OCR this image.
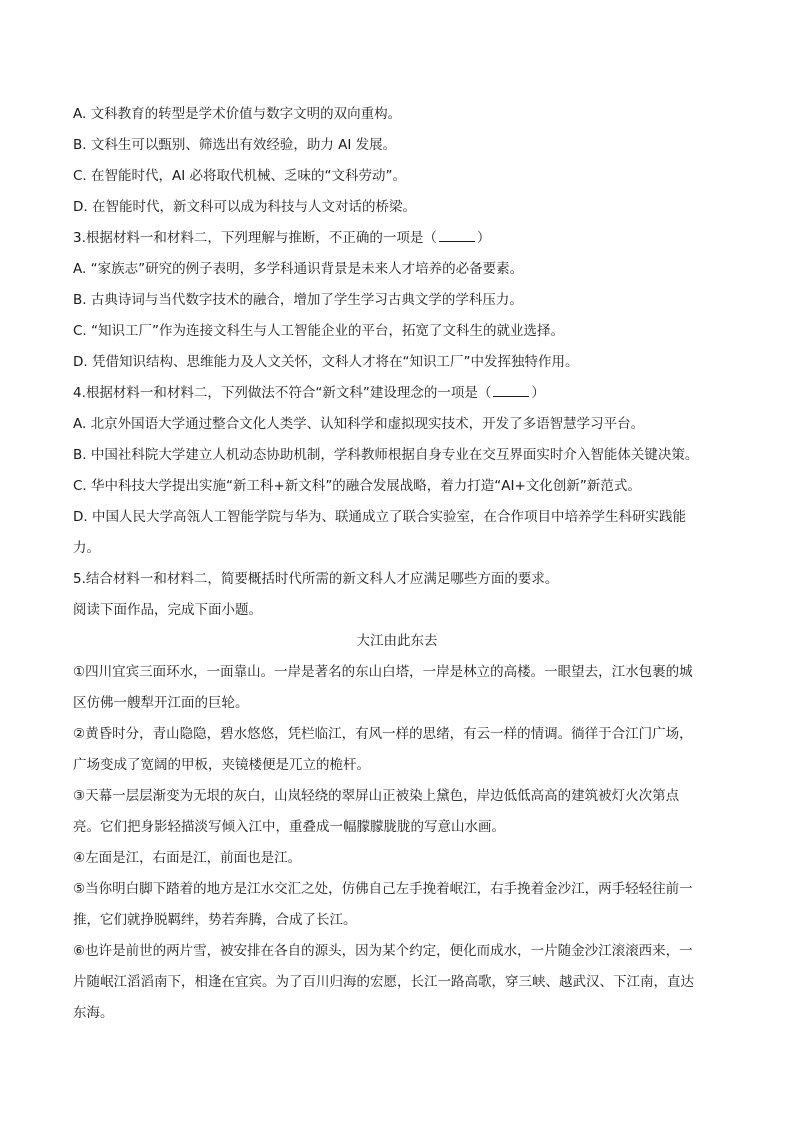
A. 文科教育的转型是学术价值与数字文明的双向重构。

B. 文科生可以甄别、筛选出有效经验，助力 AI 发展。

C. 在智能时代，AI 必将取代机械、乏味的“文科劳动”。

D. 在智能时代，新文科可以成为科技与人文对话的桥梁。

3.根据材料一和材料二，下列理解与推断，不正确的一项是（	）

A. “家族志”研究的例子表明，多学科通识背景是未来人才培养的必备要素。

B. 古典诗词与当代数字技术的融合，增加了学生学习古典文学的学科压力。

C. “知识工厂”作为连接文科生与人工智能企业的平台，拓宽了文科生的就业选择。

D. 凭借知识结构、思维能力及人文关怀，文科人才将在“知识工厂”中发挥独特作用。

4.根据材料一和材料二，下列做法不符合“新文科”建设理念的一项是（	）

A. 北京外国语大学通过整合文化人类学、认知科学和虚拟现实技术，开发了多语智慧学习平台。

B. 中国社科院大学建立人机动态协助机制，学科教师根据自身专业在交互界面实时介入智能体关键决策。

C. 华中科技大学提出实施“新工科+新文科”的融合发展战略，着力打造“AI+文化创新”新范式。

D. 中国人民大学高瓴人工智能学院与华为、联通成立了联合实验室，在合作项目中培养学生科研实践能
力。

5.结合材料一和材料二，简要概括时代所需的新文科人才应满足哪些方面的要求。

阅读下面作品，完成下面小题。

大江由此东去

①四川宜宾三面环水，一面靠山。一岸是著名的东山白塔，一岸是林立的高楼。一眼望去，江水包裹的城
区仿佛一艘犁开江面的巨轮。
②黄昏时分，青山隐隐，碧水悠悠，凭栏临江，有风一样的思绪，有云一样的情调。徜徉于合江门广场，
广场变成了宽阔的甲板，夹镜楼便是兀立的桅杆。
③天幕一层层渐变为无垠的灰白，山岚轻绕的翠屏山正被染上黛色，岸边低低高高的建筑被灯火次第点
亮。它们把身影轻描淡写倾入江中，重叠成一幅朦朦胧胧的写意山水画。
④左面是江，右面是江，前面也是江。
⑤当你明白脚下踏着的地方是江水交汇之处，仿佛自己左手挽着岷江，右手挽着金沙江，两手轻轻往前一
推，它们就挣脱羁绊，势若奔腾，合成了长江。
⑥也许是前世的两片雪，被安排在各自的源头，因为某个约定，便化而成水，一片随金沙江滚滚西来，一
片随岷江滔滔南下，相逢在宜宾。为了百川归海的宏愿，长江一路高歌，穿三峡、越武汉、下江南，直达
东海。
